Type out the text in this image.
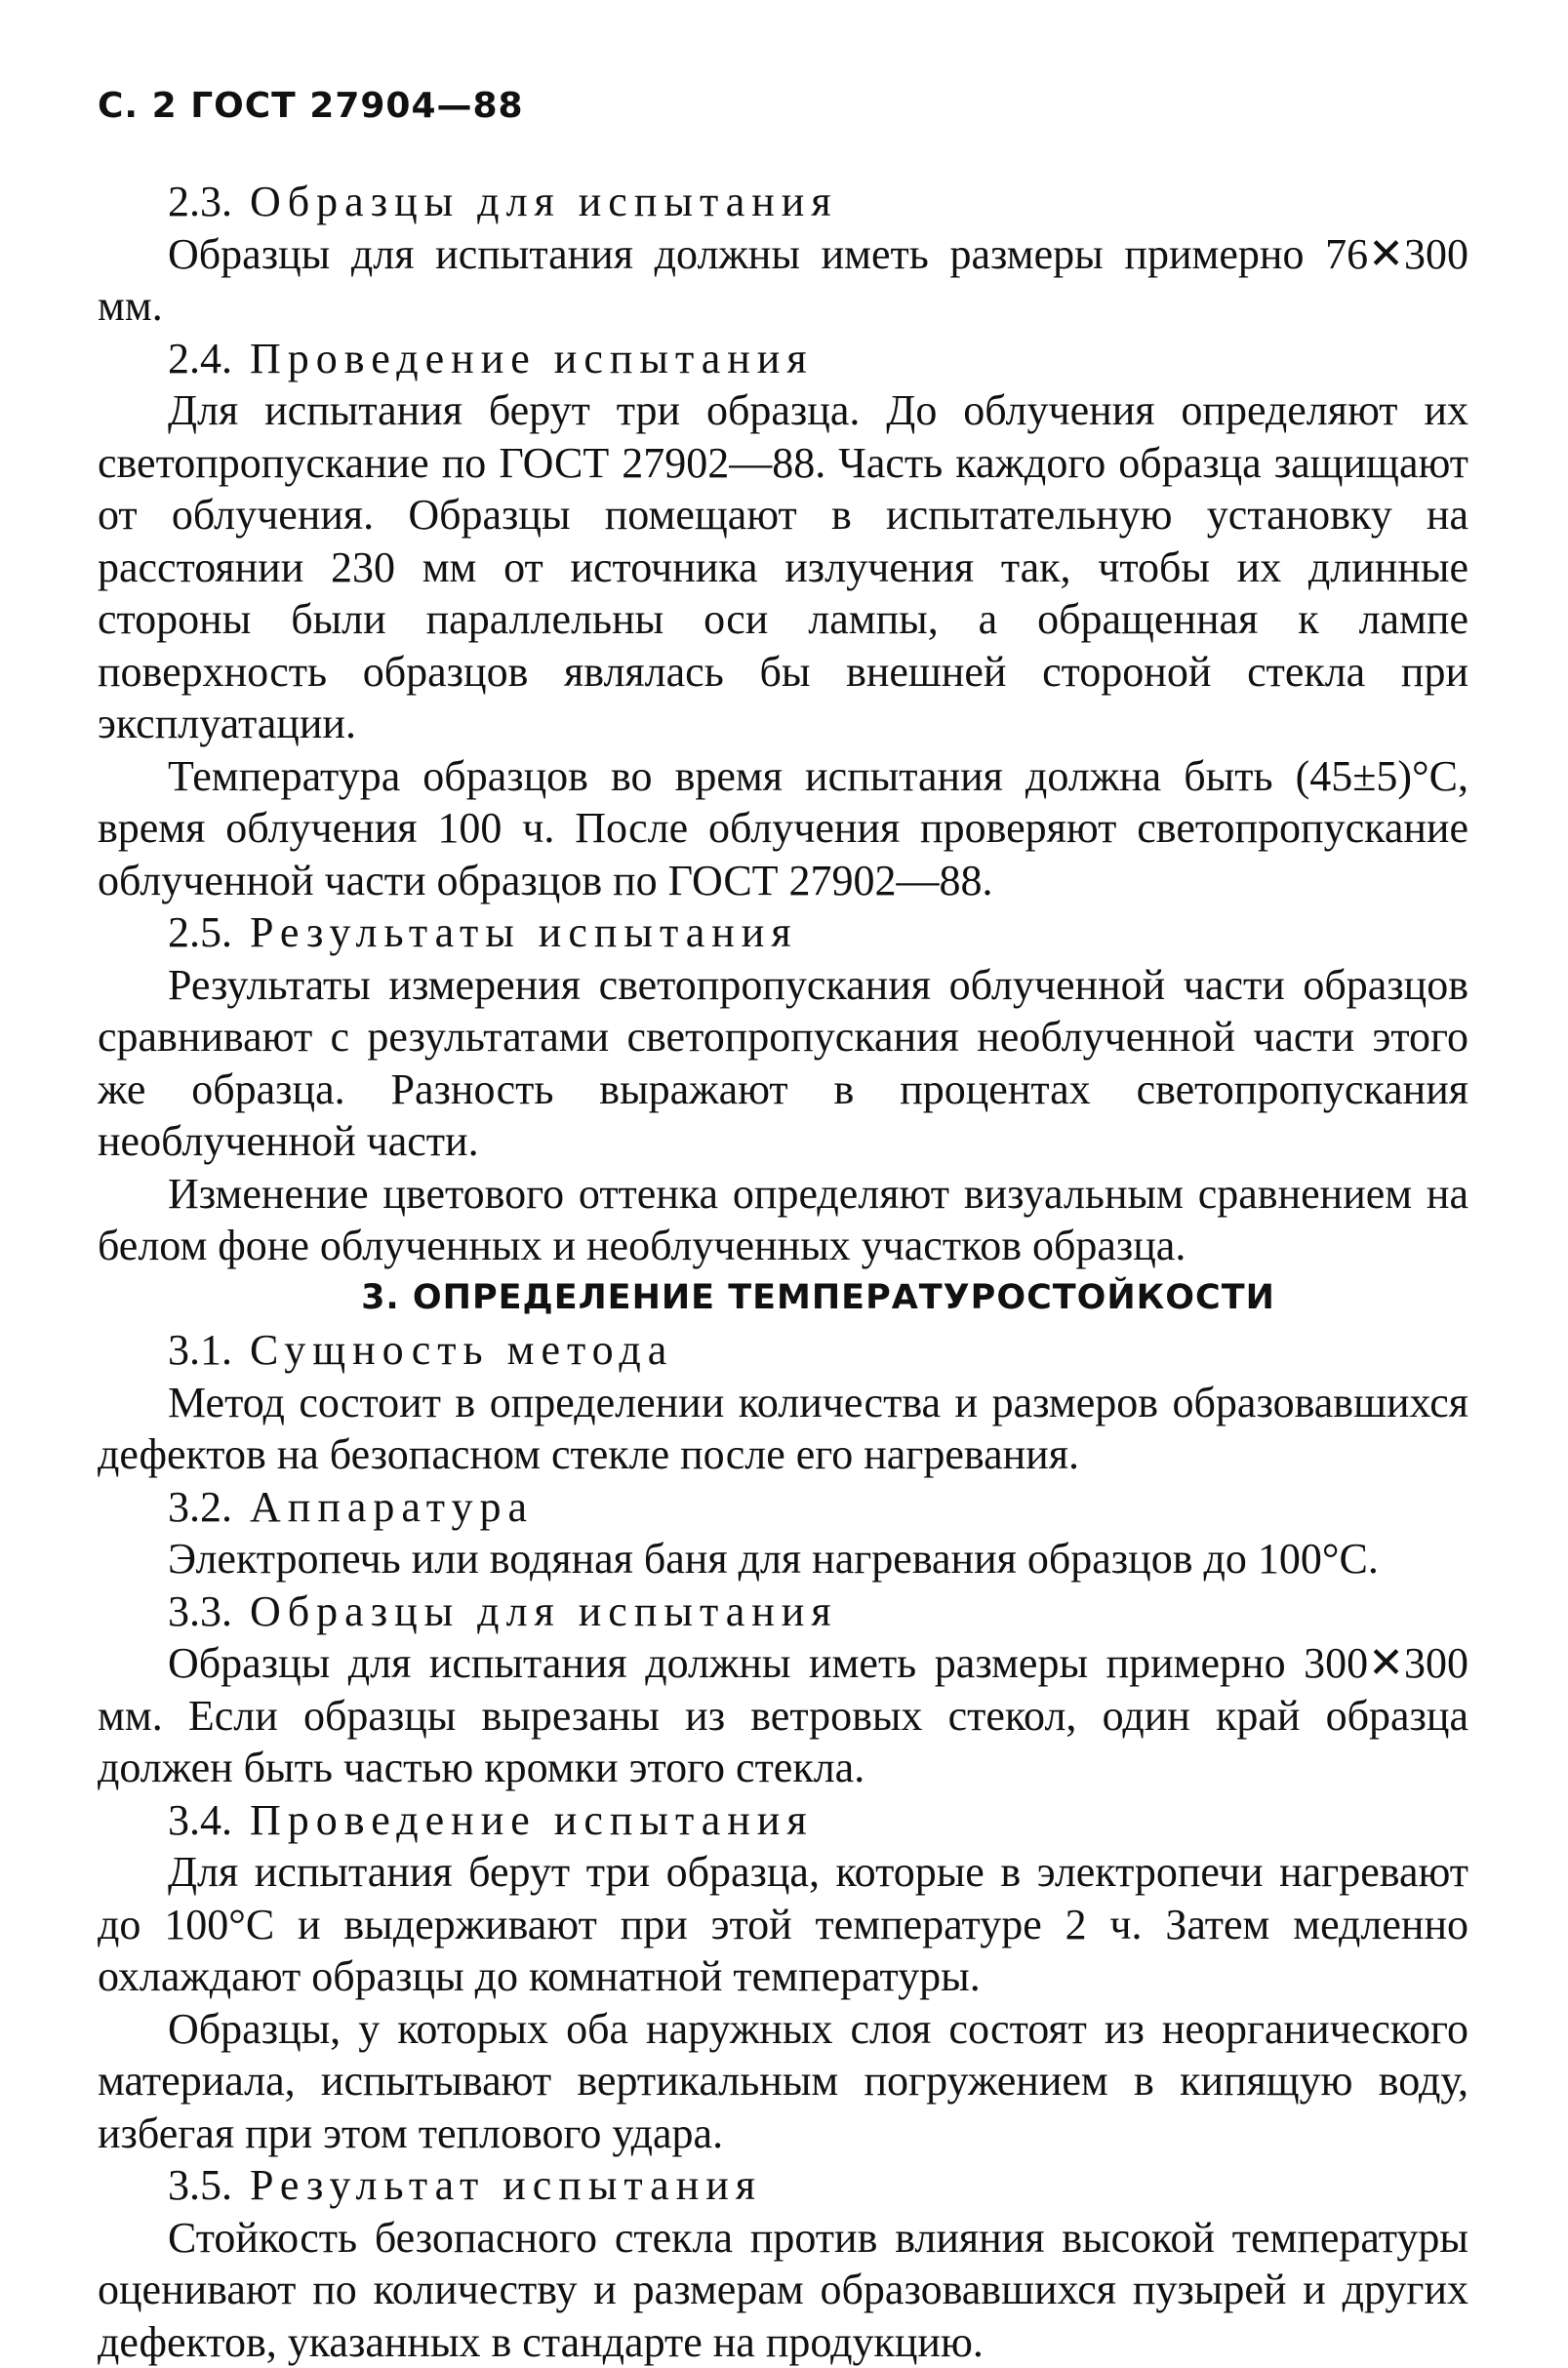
С. 2 ГОСТ 27904—88

2.3. Образцы для испытания

Образцы для испытания должны иметь размеры примерно 76✕300 мм.

2.4. Проведение испытания

Для испытания берут три образца. До облучения определяют их светопропускание по ГОСТ 27902—88. Часть каждого образца защищают от облучения. Образцы помещают в испытательную установку на расстоянии 230 мм от источника излучения так, чтобы их длинные стороны были параллельны оси лампы, а обращенная к лампе поверхность образцов являлась бы внешней стороной стекла при эксплуатации.

Температура образцов во время испытания должна быть (45±5)°С, время облучения 100 ч. После облучения проверяют светопропускание облученной части образцов по ГОСТ 27902—88.

2.5. Результаты испытания

Результаты измерения светопропускания облученной части образцов сравнивают с результатами светопропускания необлученной части этого же образца. Разность выражают в процентах светопропускания необлученной части.

Изменение цветового оттенка определяют визуальным сравнением на белом фоне облученных и необлученных участков образца.

3. ОПРЕДЕЛЕНИЕ ТЕМПЕРАТУРОСТОЙКОСТИ

3.1. Сущность метода

Метод состоит в определении количества и размеров образовавшихся дефектов на безопасном стекле после его нагревания.

3.2. Аппаратура

Электропечь или водяная баня для нагревания образцов до 100°С.

3.3. Образцы для испытания

Образцы для испытания должны иметь размеры примерно 300✕300 мм. Если образцы вырезаны из ветровых стекол, один край образца должен быть частью кромки этого стекла.

3.4. Проведение испытания

Для испытания берут три образца, которые в электропечи нагревают до 100°С и выдерживают при этой температуре 2 ч. Затем медленно охлаждают образцы до комнатной температуры.

Образцы, у которых оба наружных слоя состоят из неорганического материала, испытывают вертикальным погружением в кипящую воду, избегая при этом теплового удара.

3.5. Результат испытания

Стойкость безопасного стекла против влияния высокой температуры оценивают по количеству и размерам образовавшихся пузырей и других дефектов, указанных в стандарте на продукцию.
